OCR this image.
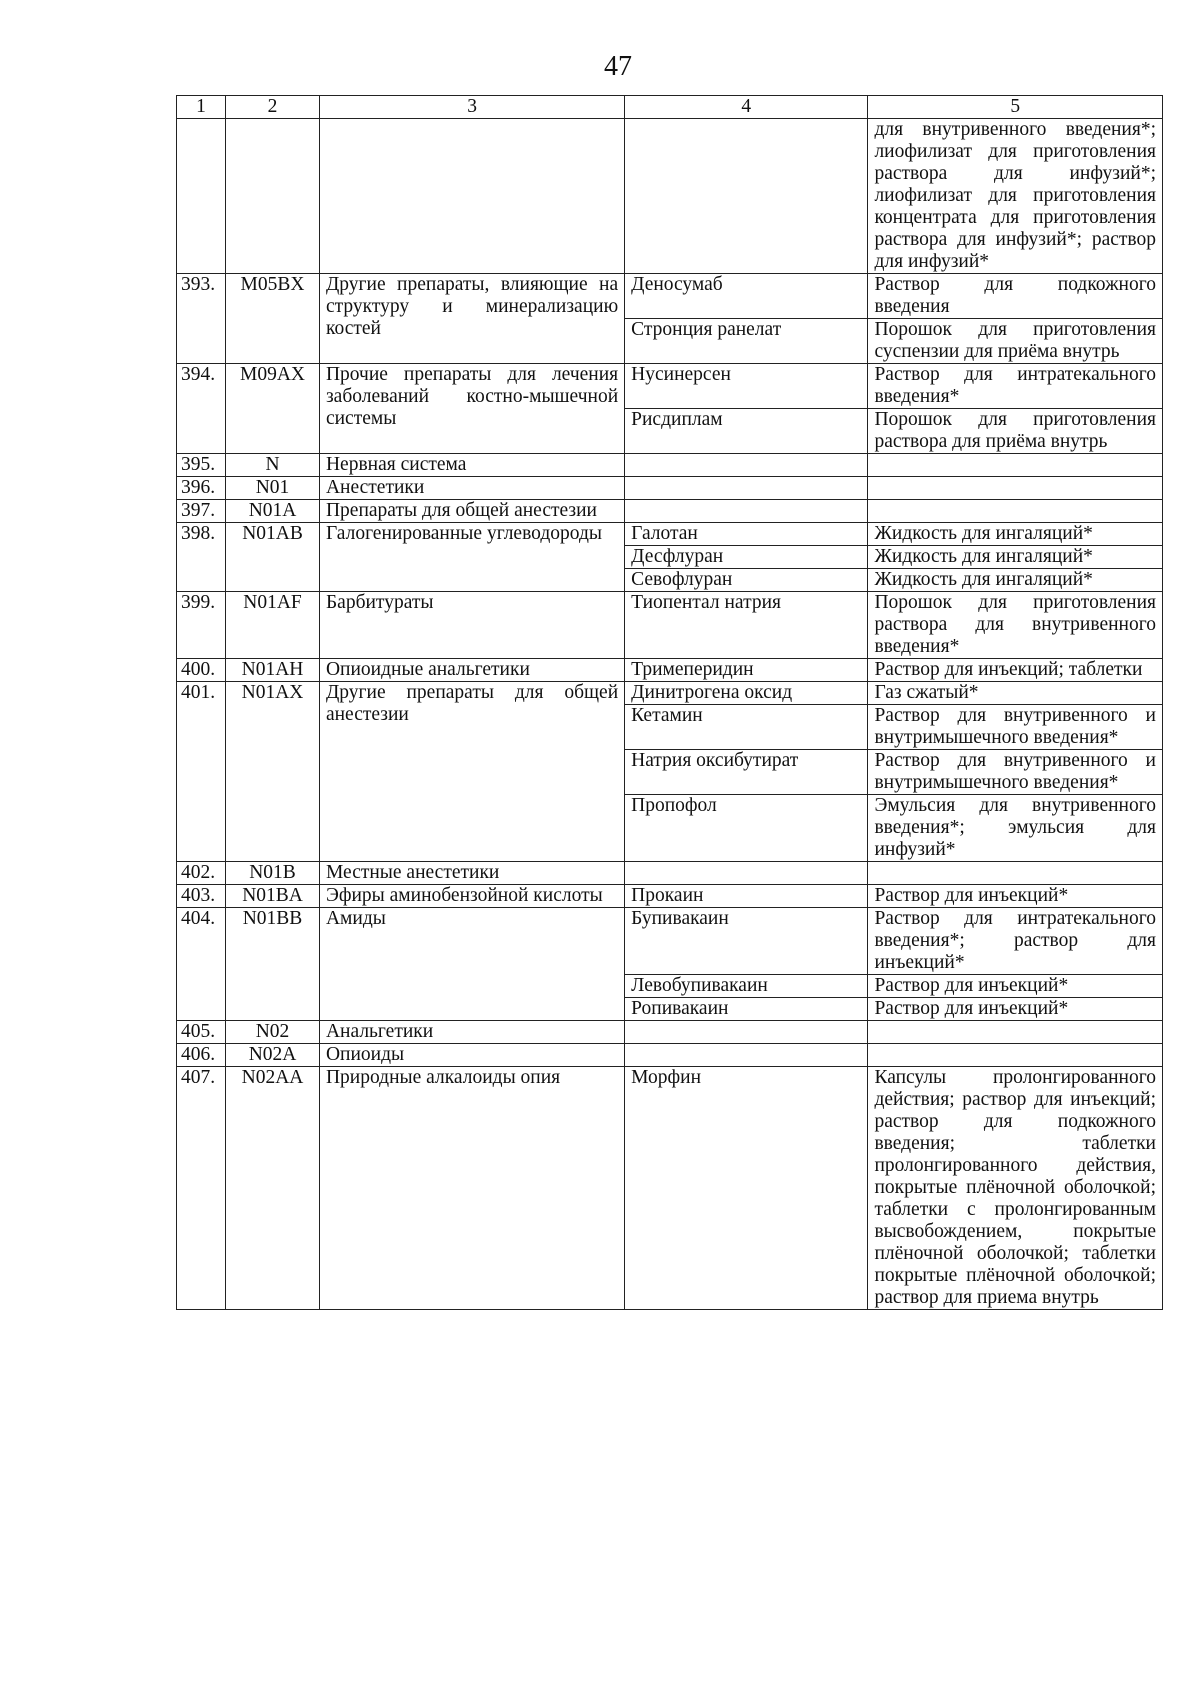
47
1	2	3	4	5
				для внутривенного введения*; лиофилизат для приготовления раствора для инфузий*; лиофилизат для приготовления концентрата для приготовления раствора для инфузий*; раствор для инфузий*
393.	M05BX	Другие препараты, влияющие на структуру и минерализацию костей	Деносумаб	Раствор для подкожного введения
			Стронция ранелат	Порошок для приготовления суспензии для приёма внутрь
394.	M09AX	Прочие препараты для лечения заболеваний костно-мышечной системы	Нусинерсен	Раствор для интратекального введения*
			Рисдиплам	Порошок для приготовления раствора для приёма внутрь
395.	N	Нервная система		
396.	N01	Анестетики		
397.	N01A	Препараты для общей анестезии		
398.	N01AB	Галогенированные углеводороды	Галотан	Жидкость для ингаляций*
			Десфлуран	Жидкость для ингаляций*
			Севофлуран	Жидкость для ингаляций*
399.	N01AF	Барбитураты	Тиопентал натрия	Порошок для приготовления раствора для внутривенного введения*
400.	N01AH	Опиоидные анальгетики	Тримеперидин	Раствор для инъекций; таблетки
401.	N01AX	Другие препараты для общей анестезии	Динитрогена оксид	Газ сжатый*
			Кетамин	Раствор для внутривенного и внутримышечного введения*
			Натрия оксибутират	Раствор для внутривенного и внутримышечного введения*
			Пропофол	Эмульсия для внутривенного введения*; эмульсия для инфузий*
402.	N01B	Местные анестетики		
403.	N01BA	Эфиры аминобензойной кислоты	Прокаин	Раствор для инъекций*
404.	N01BB	Амиды	Бупивакаин	Раствор для интратекального введения*; раствор для инъекций*
			Левобупивакаин	Раствор для инъекций*
			Ропивакаин	Раствор для инъекций*
405.	N02	Анальгетики		
406.	N02A	Опиоиды		
407.	N02AA	Природные алкалоиды опия	Морфин	Капсулы пролонгированного действия; раствор для инъекций; раствор для подкожного введения; таблетки пролонгированного действия, покрытые плёночной оболочкой; таблетки с пролонгированным высвобождением, покрытые плёночной оболочкой; таблетки покрытые плёночной оболочкой; раствор для приема внутрь
